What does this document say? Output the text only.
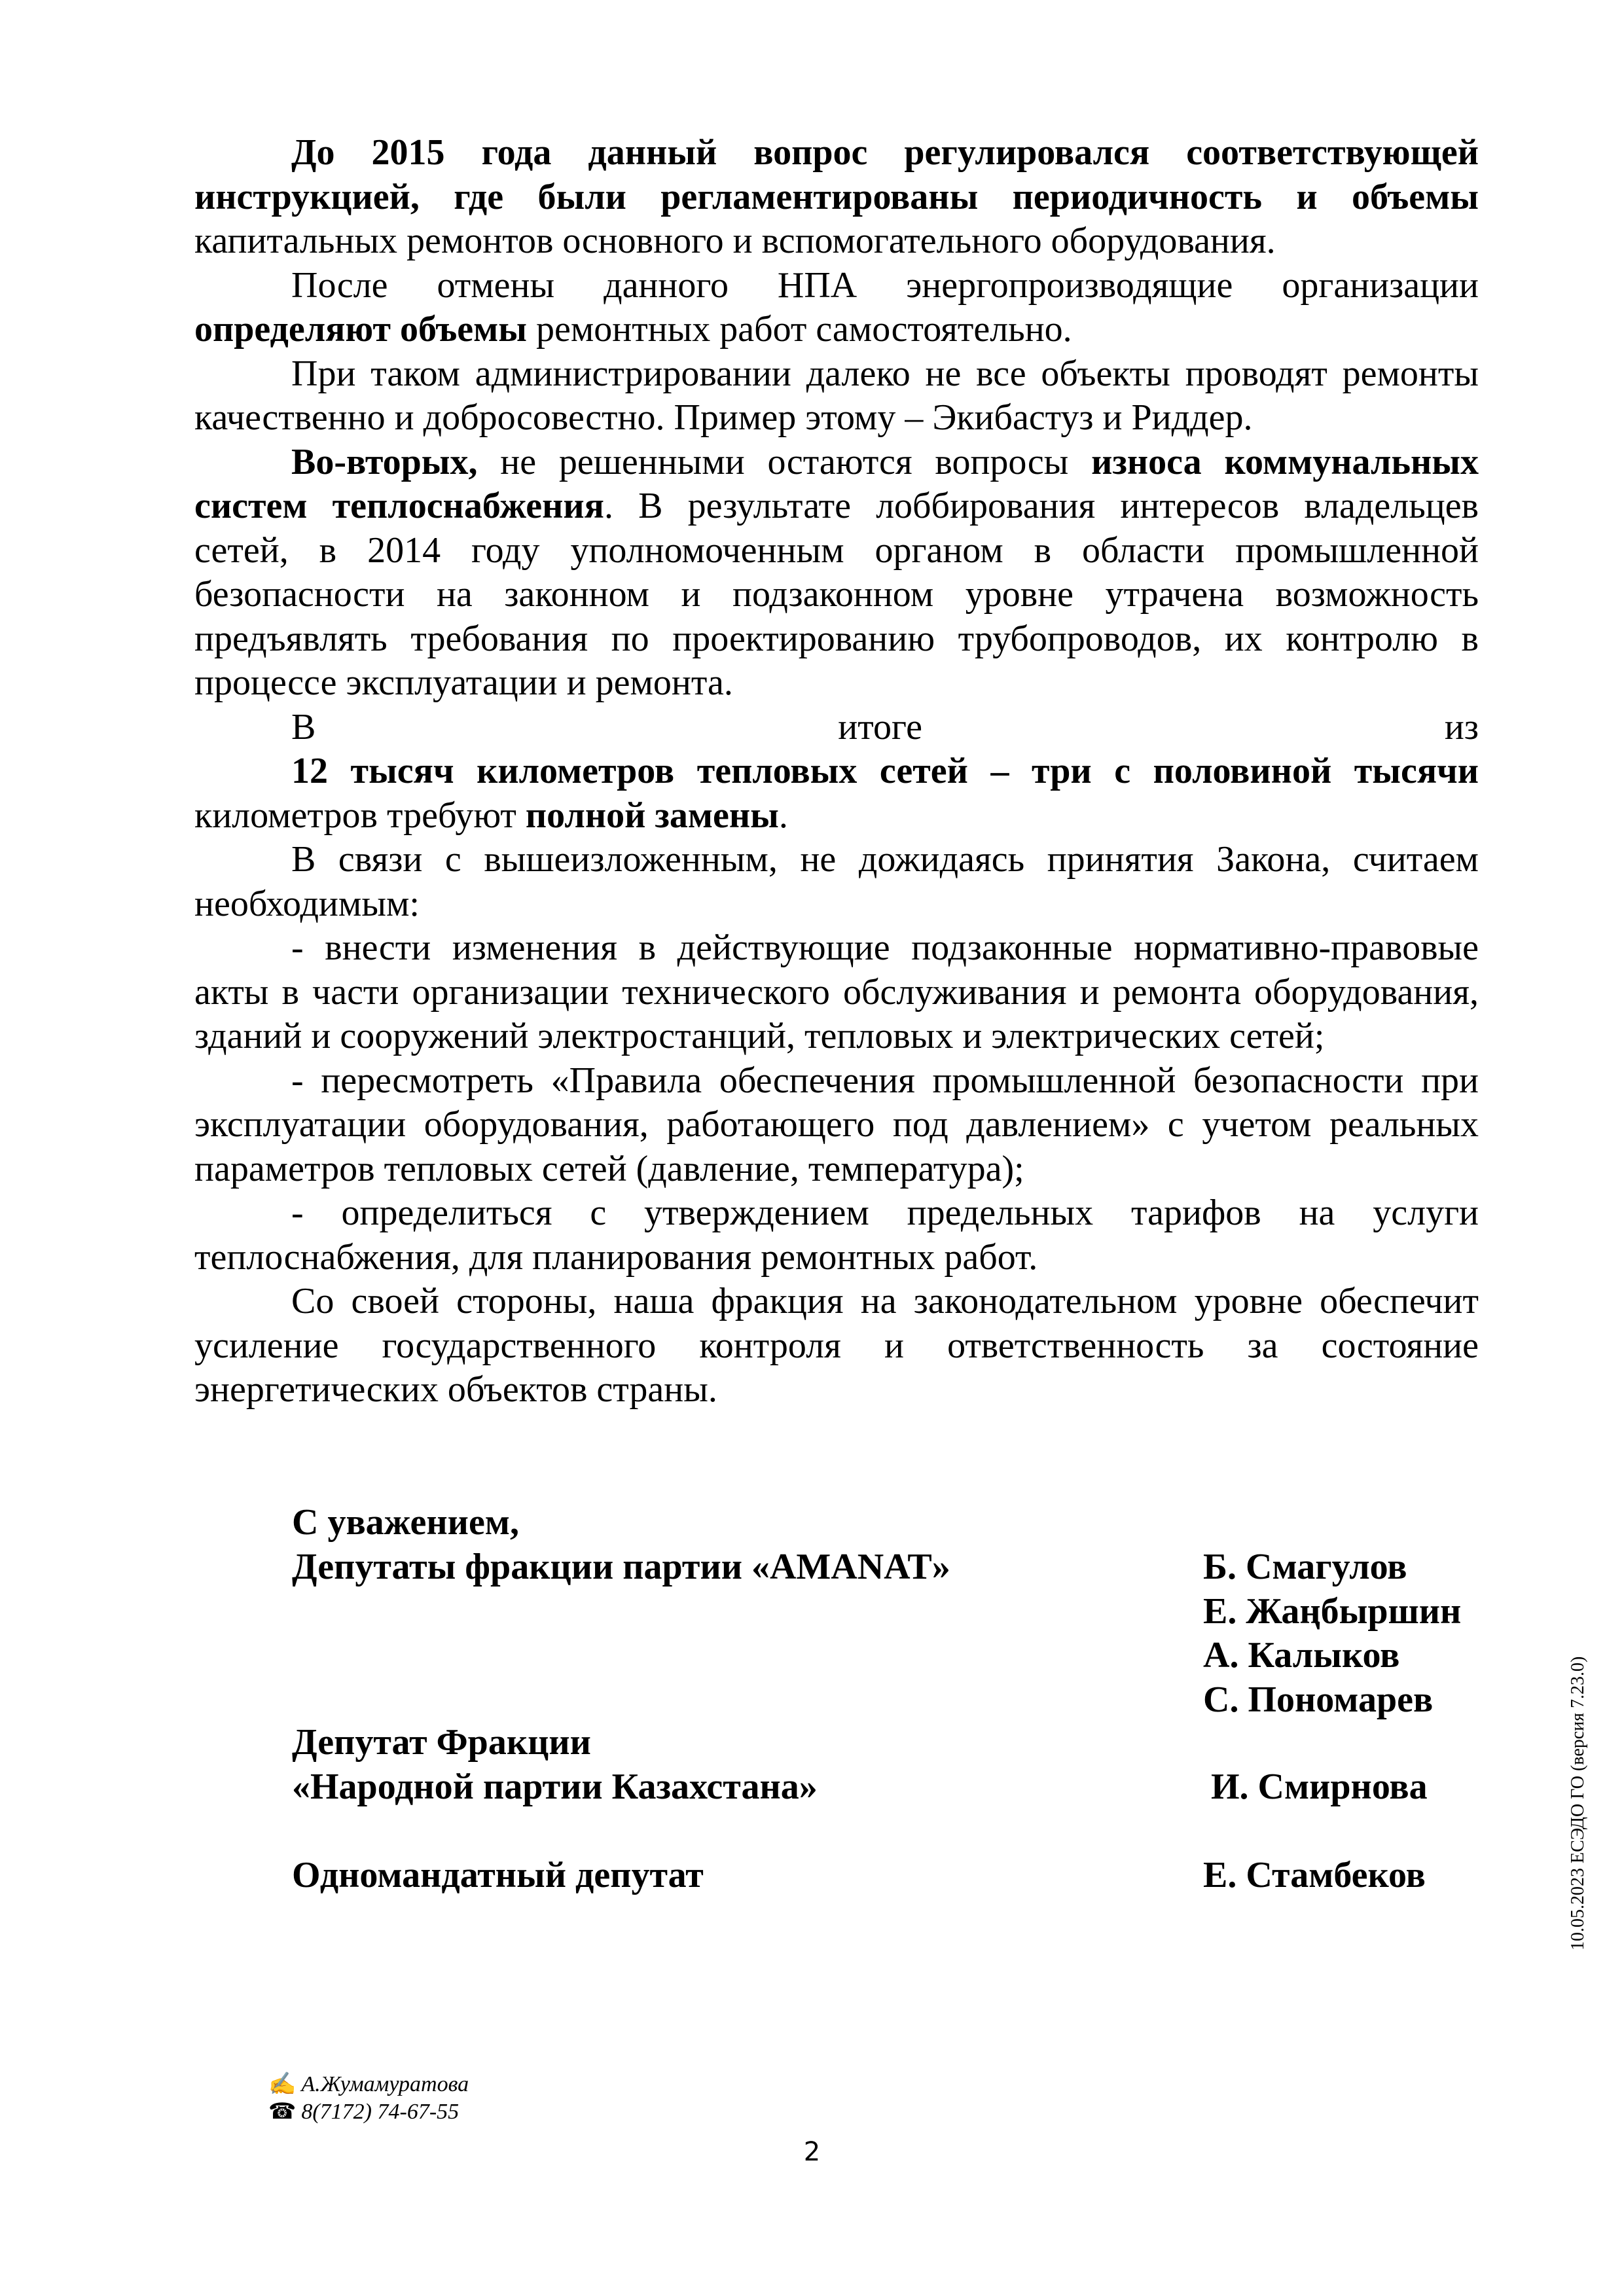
До 2015 года данный вопрос регулировался соответствующей инструкцией, где были регламентированы периодичность и объемы капитальных ремонтов основного и вспомогательного оборудования.

После отмены данного НПА энергопроизводящие организации определяют объемы ремонтных работ самостоятельно.

При таком администрировании далеко не все объекты проводят ремонты качественно и добросовестно. Пример этому – Экибастуз и Риддер.

Во-вторых, не решенными остаются вопросы износа коммунальных систем теплоснабжения. В результате лоббирования интересов владельцев сетей, в 2014 году уполномоченным органом в области промышленной безопасности на законном и подзаконном уровне утрачена возможность предъявлять требования по проектированию трубопроводов, их контролю в процессе эксплуатации и ремонта.

В итоге из

12 тысяч километров тепловых сетей – три с половиной тысячи километров требуют полной замены.

В связи с вышеизложенным, не дожидаясь принятия Закона, считаем необходимым:

- внести изменения в действующие подзаконные нормативно-правовые акты в части организации технического обслуживания и ремонта оборудования, зданий и сооружений электростанций, тепловых и электрических сетей;

- пересмотреть «Правила обеспечения промышленной безопасности при эксплуатации оборудования, работающего под давлением» с учетом реальных параметров тепловых сетей (давление, температура);

- определиться с утверждением предельных тарифов на услуги теплоснабжения, для планирования ремонтных работ.

Со своей стороны, наша фракция на законодательном уровне обеспечит усиление государственного контроля и ответственность за состояние энергетических объектов страны.

С уважением,
Депутаты фракции партии «AMANAT»	Б. Смагулов
Е. Жаңбыршин
А. Калыков
С. Пономарев
Депутат Фракции
«Народной партии Казахстана»	И. Смирнова
Одномандатный депутат	Е. Стамбеков
✍ А.Жумамуратова
☎ 8(7172) 74-67-55
2
10.05.2023 ЕСЭДО ГО (версия 7.23.0)
